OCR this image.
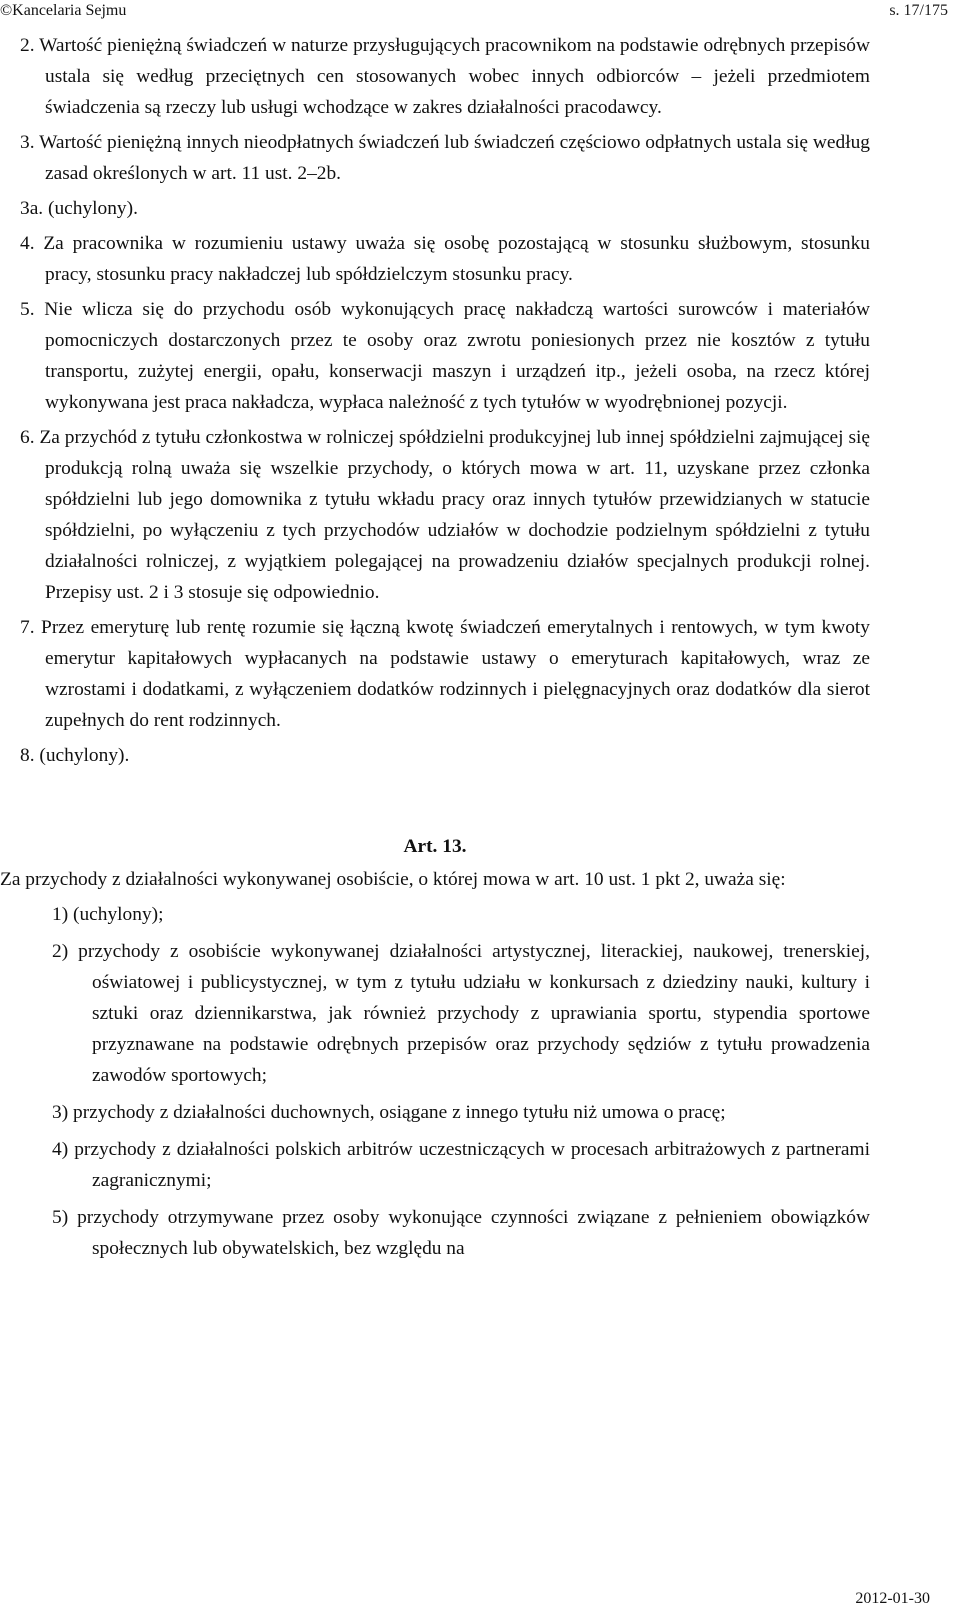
©Kancelaria Sejmu	s. 17/175

2. Wartość pieniężną świadczeń w naturze przysługujących pracownikom na podstawie odrębnych przepisów ustala się według przeciętnych cen stosowanych wobec innych odbiorców – jeżeli przedmiotem świadczenia są rzeczy lub usługi wchodzące w zakres działalności pracodawcy.

3. Wartość pieniężną innych nieodpłatnych świadczeń lub świadczeń częściowo odpłatnych ustala się według zasad określonych w art. 11 ust. 2–2b.

3a. (uchylony).

4. Za pracownika w rozumieniu ustawy uważa się osobę pozostającą w stosunku służbowym, stosunku pracy, stosunku pracy nakładczej lub spółdzielczym stosunku pracy.

5. Nie wlicza się do przychodu osób wykonujących pracę nakładczą wartości surowców i materiałów pomocniczych dostarczonych przez te osoby oraz zwrotu poniesionych przez nie kosztów z tytułu transportu, zużytej energii, opału, konserwacji maszyn i urządzeń itp., jeżeli osoba, na rzecz której wykonywana jest praca nakładcza, wypłaca należność z tych tytułów w wyodrębnionej pozycji.

6. Za przychód z tytułu członkostwa w rolniczej spółdzielni produkcyjnej lub innej spółdzielni zajmującej się produkcją rolną uważa się wszelkie przychody, o których mowa w art. 11, uzyskane przez członka spółdzielni lub jego domownika z tytułu wkładu pracy oraz innych tytułów przewidzianych w statucie spółdzielni, po wyłączeniu z tych przychodów udziałów w dochodzie podzielnym spółdzielni z tytułu działalności rolniczej, z wyjątkiem polegającej na prowadzeniu działów specjalnych produkcji rolnej. Przepisy ust. 2 i 3 stosuje się odpowiednio.

7. Przez emeryturę lub rentę rozumie się łączną kwotę świadczeń emerytalnych i rentowych, w tym kwoty emerytur kapitałowych wypłacanych na podstawie ustawy o emeryturach kapitałowych, wraz ze wzrostami i dodatkami, z wyłączeniem dodatków rodzinnych i pielęgnacyjnych oraz dodatków dla sierot zupełnych do rent rodzinnych.

8. (uchylony).

Art. 13.

Za przychody z działalności wykonywanej osobiście, o której mowa w art. 10 ust. 1 pkt 2, uważa się:

1) (uchylony);

2) przychody z osobiście wykonywanej działalności artystycznej, literackiej, naukowej, trenerskiej, oświatowej i publicystycznej, w tym z tytułu udziału w konkursach z dziedziny nauki, kultury i sztuki oraz dziennikarstwa, jak również przychody z uprawiania sportu, stypendia sportowe przyznawane na podstawie odrębnych przepisów oraz przychody sędziów z tytułu prowadzenia zawodów sportowych;

3) przychody z działalności duchownych, osiągane z innego tytułu niż umowa o pracę;

4) przychody z działalności polskich arbitrów uczestniczących w procesach arbitrażowych z partnerami zagranicznymi;

5) przychody otrzymywane przez osoby wykonujące czynności związane z pełnieniem obowiązków społecznych lub obywatelskich, bez względu na

2012-01-30
